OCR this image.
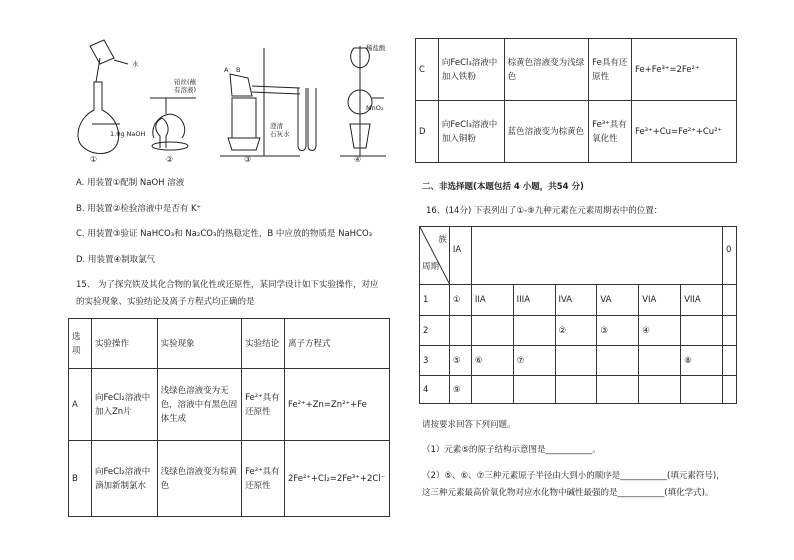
水
1.0g NaOH
铂丝(蘸有溶液)
A B
澄清石灰水
稀盐酸
MnO₂
①	②	③	④
A. 用装置①配制 NaOH 溶液
B. 用装置②检验溶液中是否有 K⁺
C. 用装置③验证 NaHCO₃和 Na₂CO₃的热稳定性，B 中应放的物质是 NaHCO₃
D. 用装置④制取氯气
15、 为了探究铁及其化合物的氧化性或还原性，某同学设计如下实验操作，对应
的实验现象、实验结论及离子方程式均正确的是
选项	实验操作	实验现象	实验结论	离子方程式
A	向FeCl₂溶液中加入Zn片	浅绿色溶液变为无色，溶液中有黑色固体生成	Fe²⁺具有还原性	Fe²⁺+Zn=Zn²⁺+Fe
B	向FeCl₂溶液中滴加新制氯水	浅绿色溶液变为棕黄色	Fe²⁺具有还原性	2Fe²⁺+Cl₂=2Fe³⁺+2Cl⁻
C	向FeCl₃溶液中加入铁粉	棕黄色溶液变为浅绿色	Fe具有还原性	Fe+Fe³⁺=2Fe²⁺
D	向FeCl₃溶液中加入铜粉	蓝色溶液变为棕黄色	Fe³⁺具有氧化性	Fe³⁺+Cu=Fe²⁺+Cu²⁺
二、非选择题(本题包括 4 小题，共54 分)
16、(14分) 下表列出了①-⑨九种元素在元素周期表中的位置：
族
周期	IA							0
1	①	IIA	IIIA	IVA	VA	VIA	VIIA	
2				②	③	④		
3	⑤	⑥	⑦				⑧	
4	⑨							
请按要求回答下列问题。
（1）元素⑤的原子结构示意图是___________。
（2）⑤、⑥、⑦三种元素原子半径由大到小的顺序是___________(填元素符号)，
这三种元素最高价氧化物对应水化物中碱性最强的是___________(填化学式)。
